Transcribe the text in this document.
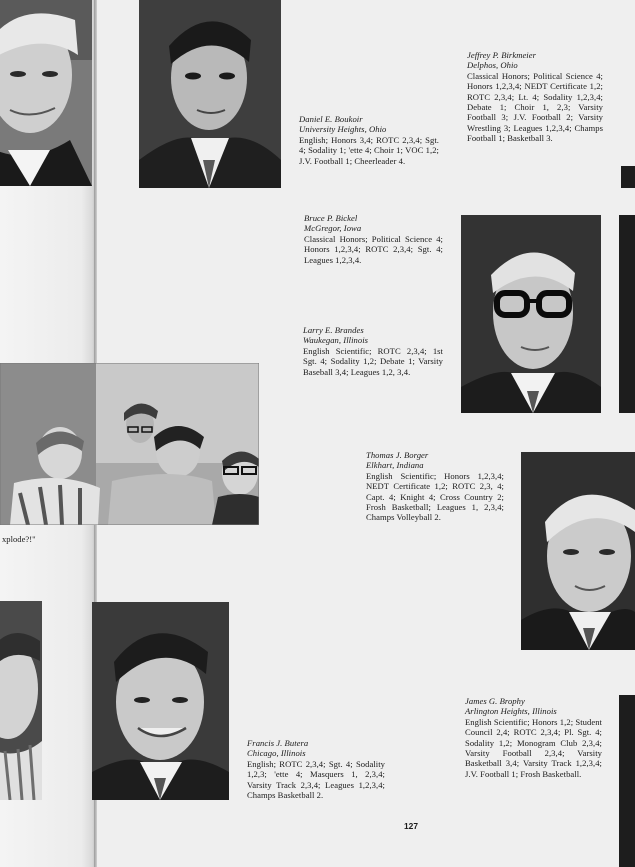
xplode?!"
Jeffrey P. Birkmeier
Delphos, Ohio
Classical Honors; Political Science 4; Honors 1,2,3,4; NEDT Certificate 1,2; ROTC 2,3,4; Lt. 4; Sodality 1,2,3,4; Debate 1; Choir 1, 2,3; Varsity Football 3; J.V. Football 2; Varsity Wrestling 3; Leagues 1,2,3,4; Champs Football 1; Basketball 3.
Daniel E. Boukoir
University Heights, Ohio
English; Honors 3,4; ROTC 2,3,4; Sgt. 4; Sodality 1; 'ette 4; Choir 1; VOC 1,2; J.V. Football 1; Cheerleader 4.
Bruce P. Bickel
McGregor, Iowa
Classical Honors; Political Science 4; Honors 1,2,3,4; ROTC 2,3,4; Sgt. 4; Leagues 1,2,3,4.
Larry E. Brandes
Waukegan, Illinois
English Scientific; ROTC 2,3,4; 1st Sgt. 4; Sodality 1,2; Debate 1; Varsity Baseball 3,4; Leagues 1,2, 3,4.
Thomas J. Borger
Elkhart, Indiana
English Scientific; Honors 1,2,3,4; NEDT Certificate 1,2; ROTC 2,3, 4; Capt. 4; Knight 4; Cross Country 2; Frosh Basketball; Leagues 1, 2,3,4; Champs Volleyball 2.
Francis J. Butera
Chicago, Illinois
English; ROTC 2,3,4; Sgt. 4; Sodality 1,2,3; 'ette 4; Masquers 1, 2,3,4; Varsity Track 2,3,4; Leagues 1,2,3,4; Champs Basketball 2.
James G. Brophy
Arlington Heights, Illinois
English Scientific; Honors 1,2; Student Council 2,4; ROTC 2,3,4; Pl. Sgt. 4; Sodality 1,2; Monogram Club 2,3,4; Varsity Football 2,3,4; Varsity Basketball 3,4; Varsity Track 1,2,3,4; J.V. Football 1; Frosh Basketball.
127
